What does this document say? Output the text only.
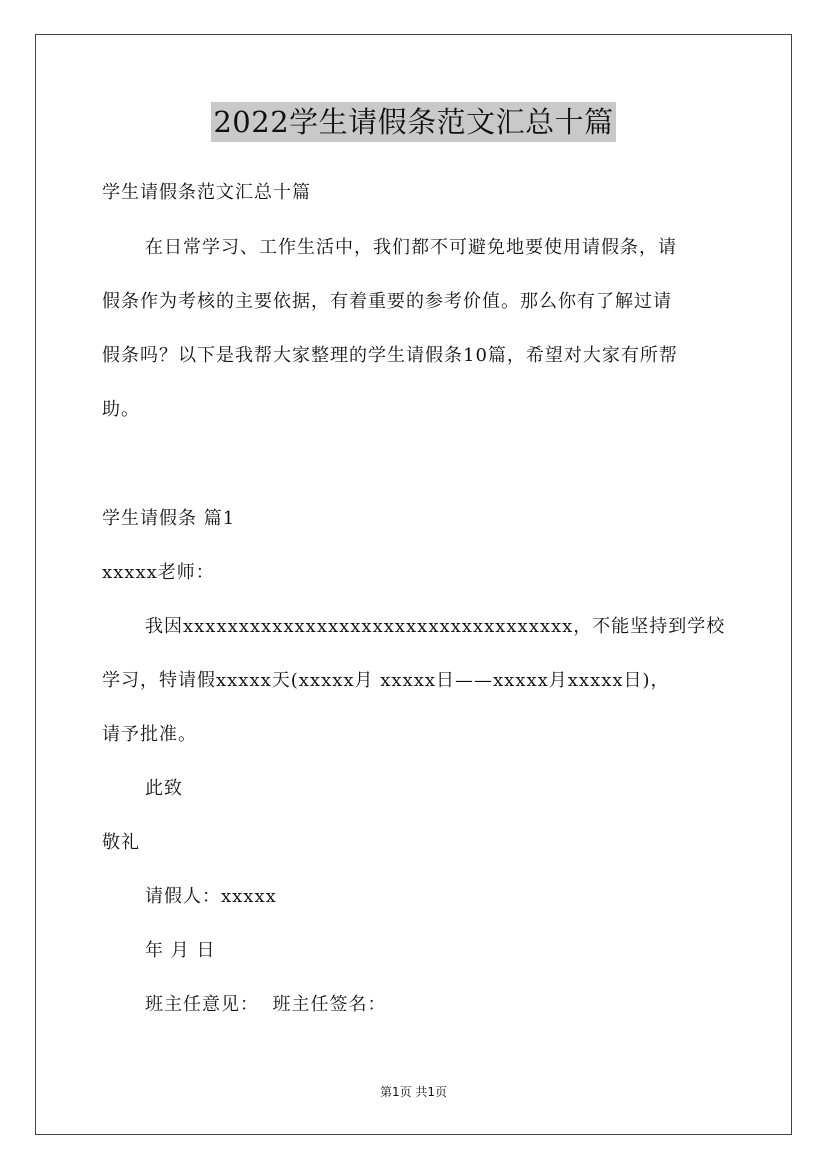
2022学生请假条范文汇总十篇
学生请假条范文汇总十篇
在日常学习、工作生活中，我们都不可避免地要使用请假条，请
假条作为考核的主要依据，有着重要的参考价值。那么你有了解过请
假条吗？以下是我帮大家整理的学生请假条10篇，希望对大家有所帮
助。
学生请假条 篇1
xxxxx老师：
我因xxxxxxxxxxxxxxxxxxxxxxxxxxxxxxxxxxx，不能坚持到学校
学习，特请假xxxxx天(xxxxx月 xxxxx日——xxxxx月xxxxx日)，
请予批准。
此致
敬礼
请假人：xxxxx
年 月 日
班主任意见：  班主任签名：
第1页 共1页
